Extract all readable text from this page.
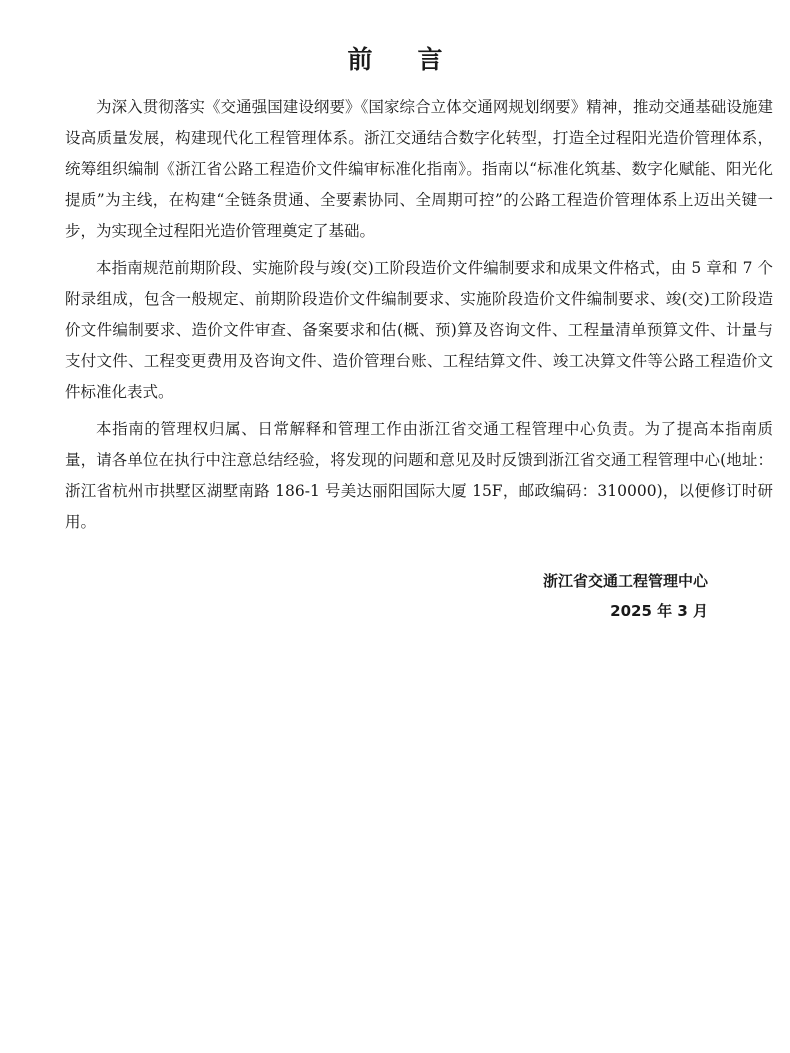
前言

为深入贯彻落实《交通强国建设纲要》《国家综合立体交通网规划纲要》精神，推动交通基础设施建设高质量发展，构建现代化工程管理体系。浙江交通结合数字化转型，打造全过程阳光造价管理体系，统筹组织编制《浙江省公路工程造价文件编审标准化指南》。指南以“标准化筑基、数字化赋能、阳光化提质”为主线，在构建“全链条贯通、全要素协同、全周期可控”的公路工程造价管理体系上迈出关键一步，为实现全过程阳光造价管理奠定了基础。

本指南规范前期阶段、实施阶段与竣(交)工阶段造价文件编制要求和成果文件格式，由 5 章和 7 个附录组成，包含一般规定、前期阶段造价文件编制要求、实施阶段造价文件编制要求、竣(交)工阶段造价文件编制要求、造价文件审查、备案要求和估(概、预)算及咨询文件、工程量清单预算文件、计量与支付文件、工程变更费用及咨询文件、造价管理台账、工程结算文件、竣工决算文件等公路工程造价文件标准化表式。

本指南的管理权归属、日常解释和管理工作由浙江省交通工程管理中心负责。为了提高本指南质量，请各单位在执行中注意总结经验，将发现的问题和意见及时反馈到浙江省交通工程管理中心(地址：浙江省杭州市拱墅区湖墅南路 186-1 号美达丽阳国际大厦 15F，邮政编码：310000)，以便修订时研用。

浙江省交通工程管理中心
2025 年 3 月
